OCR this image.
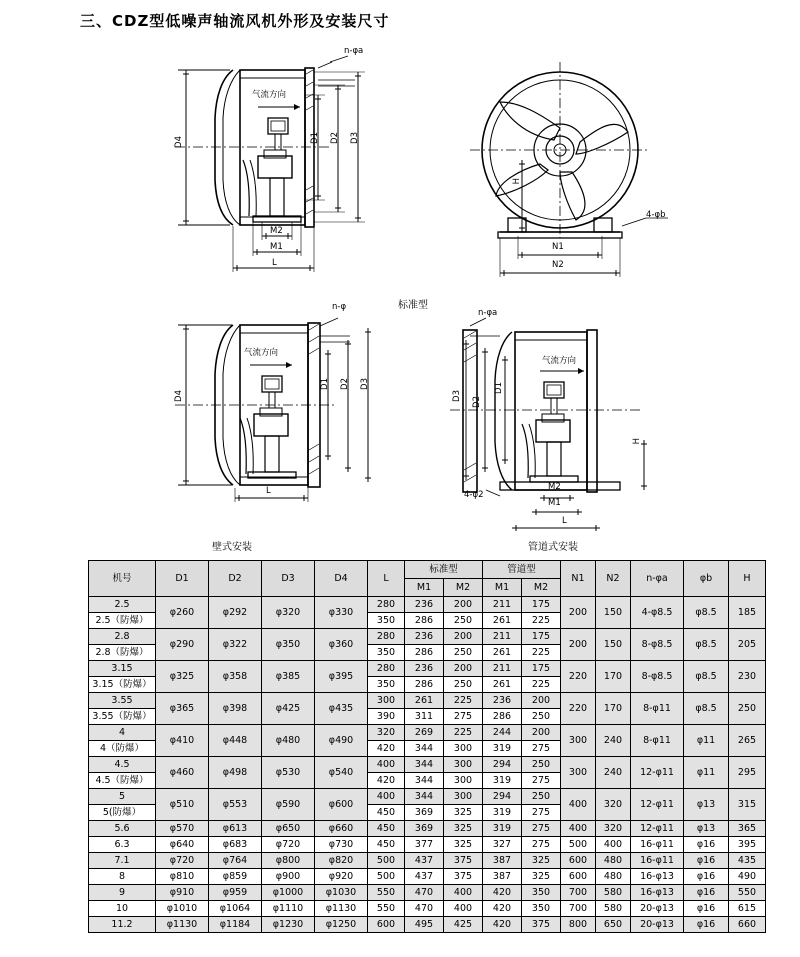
三、CDZ型低噪声轴流风机外形及安装尺寸
标准型
壁式安装	管道式安装
n-φa
气流方向
D4	D1 D2 D3
M2
M1
L
H
4-φb
N1
N2
n-φ
气流方向
D4
D1 D2 D3
L
n-φa
气流方向
D3
D2
D1
H
4-φ2
M2
M1
L
机号	D1	D2	D3	D4	L	标准型		管道型		N1	N2	n-φa	φb	H
						M1	M2	M1	M2					
2.5	φ260	φ292	φ320	φ330	280	236	200	211	175	200	150	4-φ8.5	φ8.5	185
2.5（防爆）					350	286	250	261	225					
2.8	φ290	φ322	φ350	φ360	280	236	200	211	175	200	150	8-φ8.5	φ8.5	205
2.8（防爆）					350	286	250	261	225					
3.15	φ325	φ358	φ385	φ395	280	236	200	211	175	220	170	8-φ8.5	φ8.5	230
3.15（防爆）					350	286	250	261	225					
3.55	φ365	φ398	φ425	φ435	300	261	225	236	200	220	170	8-φ11	φ8.5	250
3.55（防爆）					390	311	275	286	250					
4	φ410	φ448	φ480	φ490	320	269	225	244	200	300	240	8-φ11	φ11	265
4（防爆）					420	344	300	319	275					
4.5	φ460	φ498	φ530	φ540	400	344	300	294	250	300	240	12-φ11	φ11	295
4.5（防爆）					420	344	300	319	275					
5	φ510	φ553	φ590	φ600	400	344	300	294	250	400	320	12-φ11	φ13	315
5(防爆）					450	369	325	319	275					
5.6	φ570	φ613	φ650	φ660	450	369	325	319	275	400	320	12-φ11	φ13	365
6.3	φ640	φ683	φ720	φ730	450	377	325	327	275	500	400	16-φ11	φ16	395
7.1	φ720	φ764	φ800	φ820	500	437	375	387	325	600	480	16-φ11	φ16	435
8	φ810	φ859	φ900	φ920	500	437	375	387	325	600	480	16-φ13	φ16	490
9	φ910	φ959	φ1000	φ1030	550	470	400	420	350	700	580	16-φ13	φ16	550
10	φ1010	φ1064	φ1110	φ1130	550	470	400	420	350	700	580	20-φ13	φ16	615
11.2	φ1130	φ1184	φ1230	φ1250	600	495	425	420	375	800	650	20-φ13	φ16	660
